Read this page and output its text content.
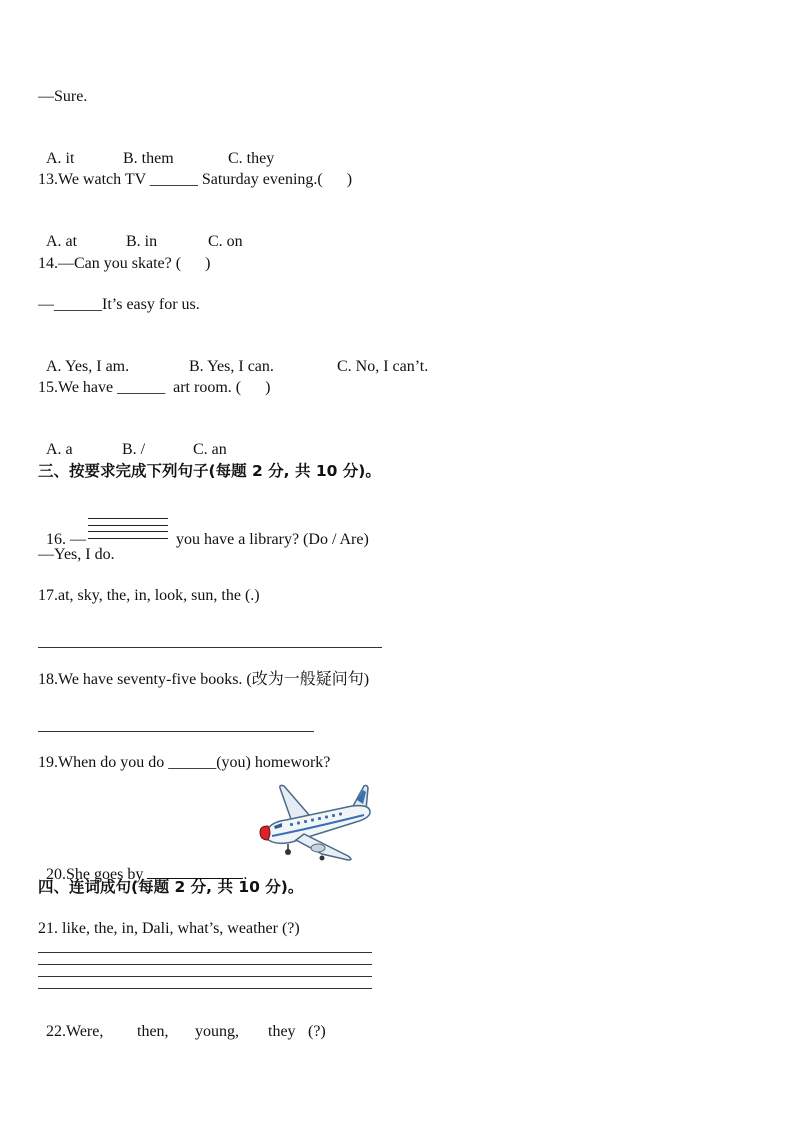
—Sure.

A. it	B. them	C. they

13.We watch TV ______ Saturday evening.(      )

A. at	B. in	C. on

14.—Can you skate? (      )
—______It’s easy for us.

A. Yes, I am.	B. Yes, I can.	C. No, I can’t.

15.We have ______  art room. (      )

A. a	B. /	C. an

三、按要求完成下列句子(每题 2 分, 共 10 分)。

16. —	you have a library? (Do / Are)

—Yes, I do.
17.at, sky, the, in, look, sun, the (.)
18.We have seventy-five books. (改为一般疑问句)
19.When do you do ______(you) homework?

20.She goes by	.

四、连词成句(每题 2 分, 共 10 分)。
21. like, the, in, Dali, what’s, weather (?)

22.Were, then, young, they (?)
